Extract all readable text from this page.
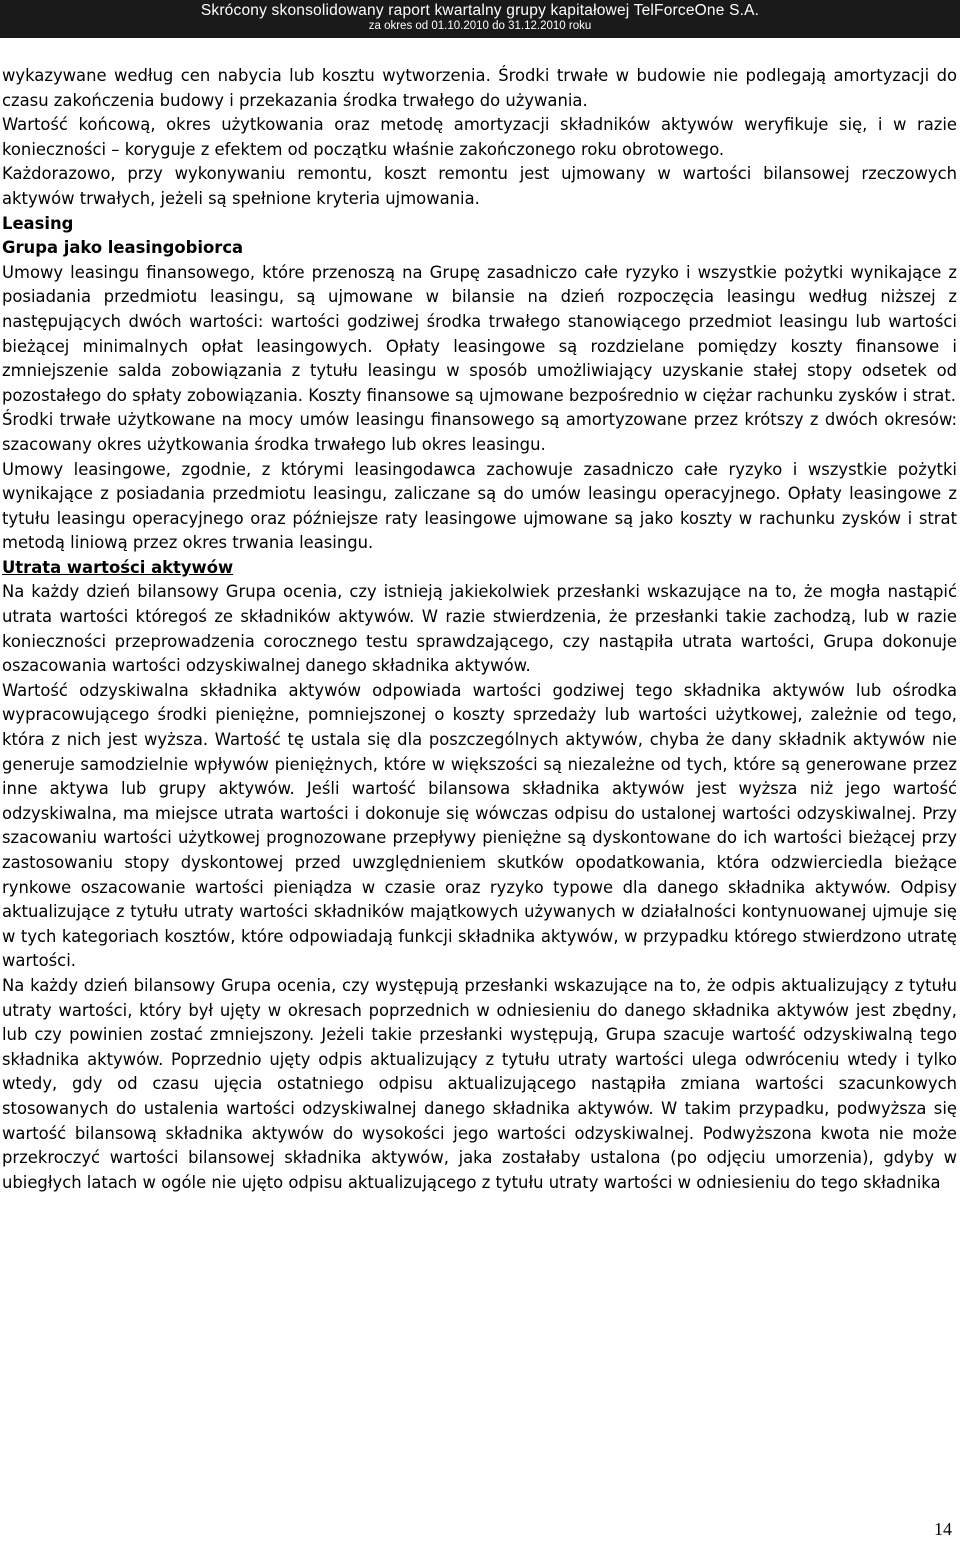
Skrócony skonsolidowany raport kwartalny grupy kapitałowej TelForceOne S.A.
za okres od 01.10.2010 do 31.12.2010 roku

wykazywane według cen nabycia lub kosztu wytworzenia. Środki trwałe w budowie nie podlegają amortyzacji do czasu zakończenia budowy i przekazania środka trwałego do używania.

Wartość końcową, okres użytkowania oraz metodę amortyzacji składników aktywów weryfikuje się, i w razie konieczności – koryguje z efektem od początku właśnie zakończonego roku obrotowego.

Każdorazowo, przy wykonywaniu remontu, koszt remontu jest ujmowany w wartości bilansowej rzeczowych aktywów trwałych, jeżeli są spełnione kryteria ujmowania.

Leasing

Grupa jako leasingobiorca

Umowy leasingu finansowego, które przenoszą na Grupę zasadniczo całe ryzyko i wszystkie pożytki wynikające z posiadania przedmiotu leasingu, są ujmowane w bilansie na dzień rozpoczęcia leasingu według niższej z następujących dwóch wartości: wartości godziwej środka trwałego stanowiącego przedmiot leasingu lub wartości bieżącej minimalnych opłat leasingowych. Opłaty leasingowe są rozdzielane pomiędzy koszty finansowe i zmniejszenie salda zobowiązania z tytułu leasingu w sposób umożliwiający uzyskanie stałej stopy odsetek od pozostałego do spłaty zobowiązania. Koszty finansowe są ujmowane bezpośrednio w ciężar rachunku zysków i strat.

Środki trwałe użytkowane na mocy umów leasingu finansowego są amortyzowane przez krótszy z dwóch okresów: szacowany okres użytkowania środka trwałego lub okres leasingu.

Umowy leasingowe, zgodnie, z którymi leasingodawca zachowuje zasadniczo całe ryzyko i wszystkie pożytki wynikające z posiadania przedmiotu leasingu, zaliczane są do umów leasingu operacyjnego. Opłaty leasingowe z tytułu leasingu operacyjnego oraz późniejsze raty leasingowe ujmowane są jako koszty w rachunku zysków i strat metodą liniową przez okres trwania leasingu.

Utrata wartości aktywów

Na każdy dzień bilansowy Grupa ocenia, czy istnieją jakiekolwiek przesłanki wskazujące na to, że mogła nastąpić utrata wartości któregoś ze składników aktywów. W razie stwierdzenia, że przesłanki takie zachodzą, lub w razie konieczności przeprowadzenia corocznego testu sprawdzającego, czy nastąpiła utrata wartości, Grupa dokonuje oszacowania wartości odzyskiwalnej danego składnika aktywów.

Wartość odzyskiwalna składnika aktywów odpowiada wartości godziwej tego składnika aktywów lub ośrodka wypracowującego środki pieniężne, pomniejszonej o koszty sprzedaży lub wartości użytkowej, zależnie od tego, która z nich jest wyższa. Wartość tę ustala się dla poszczególnych aktywów, chyba że dany składnik aktywów nie generuje samodzielnie wpływów pieniężnych, które w większości są niezależne od tych, które są generowane przez inne aktywa lub grupy aktywów. Jeśli wartość bilansowa składnika aktywów jest wyższa niż jego wartość odzyskiwalna, ma miejsce utrata wartości i dokonuje się wówczas odpisu do ustalonej wartości odzyskiwalnej. Przy szacowaniu wartości użytkowej prognozowane przepływy pieniężne są dyskontowane do ich wartości bieżącej przy zastosowaniu stopy dyskontowej przed uwzględnieniem skutków opodatkowania, która odzwierciedla bieżące rynkowe oszacowanie wartości pieniądza w czasie oraz ryzyko typowe dla danego składnika aktywów. Odpisy aktualizujące z tytułu utraty wartości składników majątkowych używanych w działalności kontynuowanej ujmuje się w tych kategoriach kosztów, które odpowiadają funkcji składnika aktywów, w przypadku którego stwierdzono utratę wartości.

Na każdy dzień bilansowy Grupa ocenia, czy występują przesłanki wskazujące na to, że odpis aktualizujący z tytułu utraty wartości, który był ujęty w okresach poprzednich w odniesieniu do danego składnika aktywów jest zbędny, lub czy powinien zostać zmniejszony. Jeżeli takie przesłanki występują, Grupa szacuje wartość odzyskiwalną tego składnika aktywów. Poprzednio ujęty odpis aktualizujący z tytułu utraty wartości ulega odwróceniu wtedy i tylko wtedy, gdy od czasu ujęcia ostatniego odpisu aktualizującego nastąpiła zmiana wartości szacunkowych stosowanych do ustalenia wartości odzyskiwalnej danego składnika aktywów. W takim przypadku, podwyższa się wartość bilansową składnika aktywów do wysokości jego wartości odzyskiwalnej. Podwyższona kwota nie może przekroczyć wartości bilansowej składnika aktywów, jaka zostałaby ustalona (po odjęciu umorzenia), gdyby w ubiegłych latach w ogóle nie ujęto odpisu aktualizującego z tytułu utraty wartości w odniesieniu do tego składnika

14
